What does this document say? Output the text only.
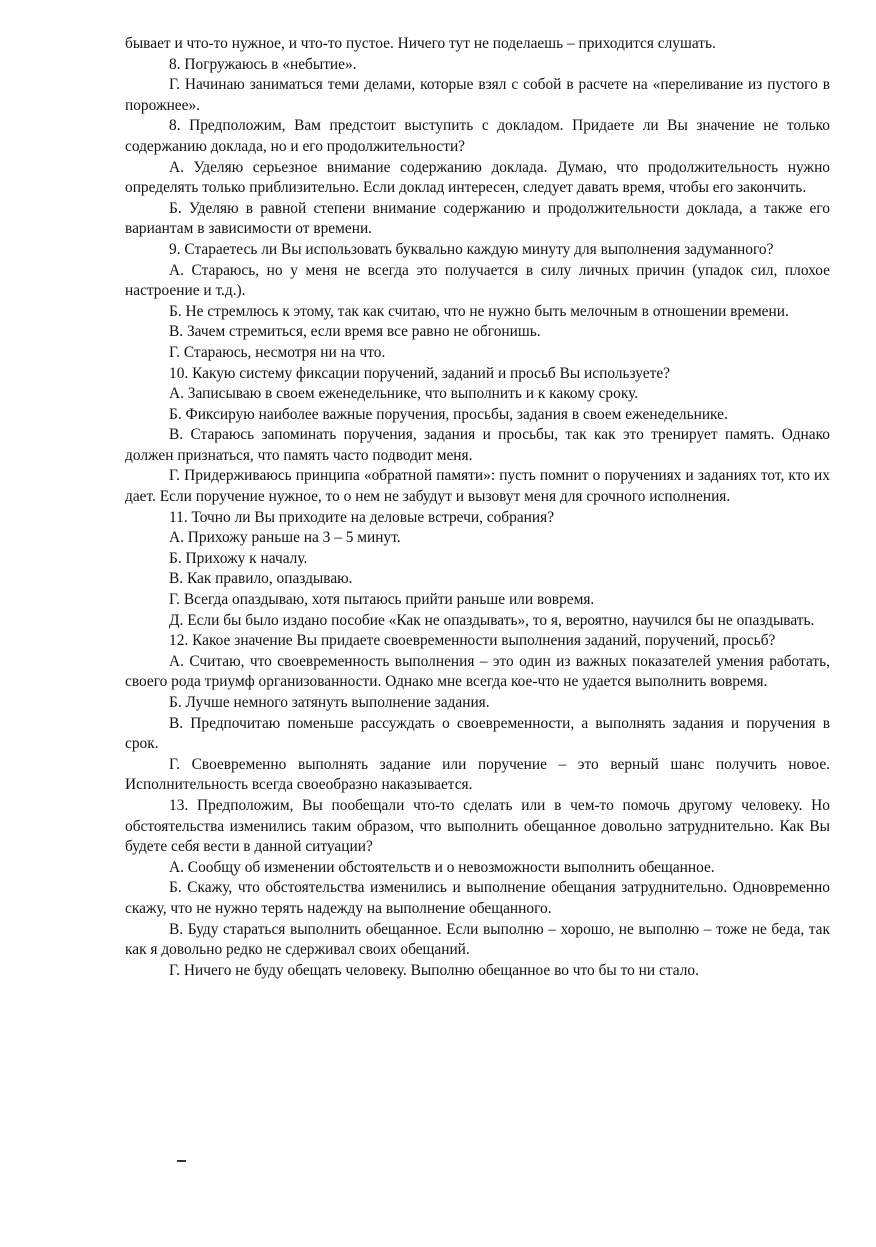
бывает и что-то нужное, и что-то пустое. Ничего тут не поделаешь – приходится слушать.

8. Погружаюсь в «небытие».

Г. Начинаю заниматься теми делами, которые взял с собой в расчете на «переливание из пустого в порожнее».

8. Предположим, Вам предстоит выступить с докладом. Придаете ли Вы значение не только содержанию доклада, но и его продолжительности?

А. Уделяю серьезное внимание содержанию доклада. Думаю, что продолжительность нужно определять только приблизительно. Если доклад интересен, следует давать время, чтобы его закончить.

Б. Уделяю в равной степени внимание содержанию и продолжительности доклада, а также его вариантам в зависимости от времени.

9. Стараетесь ли Вы использовать буквально каждую минуту для выполнения задуманного?

А. Стараюсь, но у меня не всегда это получается в силу личных причин (упадок сил, плохое настроение и т.д.).

Б. Не стремлюсь к этому, так как считаю, что не нужно быть мелочным в отношении времени.

В. Зачем стремиться, если время все равно не обгонишь.

Г. Стараюсь, несмотря ни на что.

10. Какую систему фиксации поручений, заданий и просьб Вы используете?

А. Записываю в своем еженедельнике, что выполнить и к какому сроку.

Б. Фиксирую наиболее важные поручения, просьбы, задания в своем еженедельнике.

В. Стараюсь запоминать поручения, задания и просьбы, так как это тренирует память. Однако должен признаться, что память часто подводит меня.

Г. Придерживаюсь принципа «обратной памяти»: пусть помнит о поручениях и заданиях тот, кто их дает. Если поручение нужное, то о нем не забудут и вызовут меня для срочного исполнения.

11. Точно ли Вы приходите на деловые встречи, собрания?

А. Прихожу раньше на 3 – 5 минут.

Б. Прихожу к началу.

В. Как правило, опаздываю.

Г. Всегда опаздываю, хотя пытаюсь прийти раньше или вовремя.

Д. Если бы было издано пособие «Как не опаздывать», то я, вероятно, научился бы не опаздывать.

12. Какое значение Вы придаете своевременности выполнения заданий, поручений, просьб?

А. Считаю, что своевременность выполнения – это один из важных показателей умения работать, своего рода триумф организованности. Однако мне всегда кое-что не удается выполнить вовремя.

Б. Лучше немного затянуть выполнение задания.

В. Предпочитаю поменьше рассуждать о своевременности, а выполнять задания и поручения в срок.

Г. Своевременно выполнять задание или поручение – это верный шанс получить новое. Исполнительность всегда своеобразно наказывается.

13. Предположим, Вы пообещали что-то сделать или в чем-то помочь другому человеку. Но обстоятельства изменились таким образом, что выполнить обещанное довольно затруднительно. Как Вы будете себя вести в данной ситуации?

А. Сообщу об изменении обстоятельств и о невозможности выполнить обещанное.

Б. Скажу, что обстоятельства изменились и выполнение обещания затруднительно. Одновременно скажу, что не нужно терять надежду на выполнение обещанного.

В. Буду стараться выполнить обещанное. Если выполню – хорошо, не выполню – тоже не беда, так как я довольно редко не сдерживал своих обещаний.

Г. Ничего не буду обещать человеку. Выполню обещанное во что бы то ни стало.
